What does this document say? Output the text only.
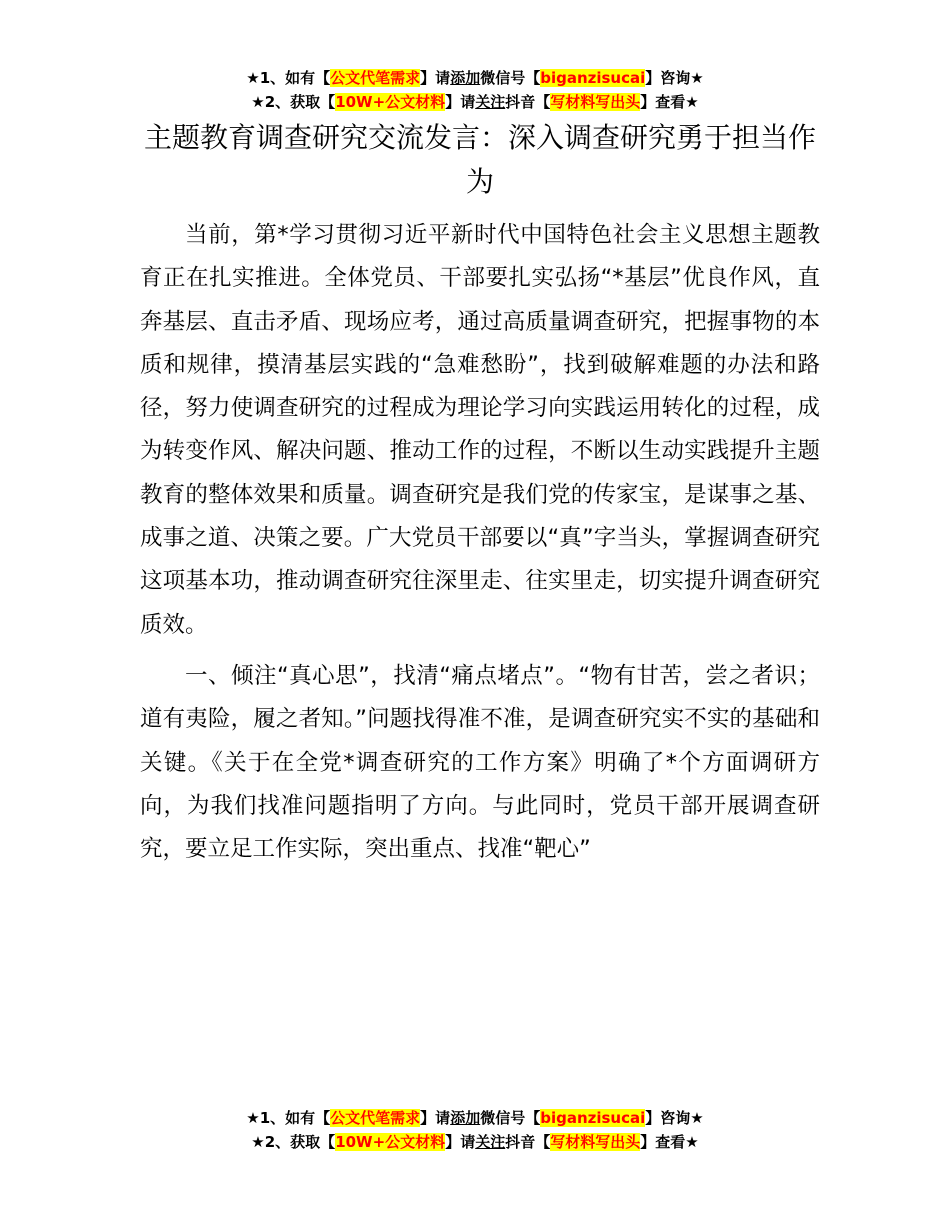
★1、如有【公文代笔需求】请添加微信号【biganzisucai】咨询★
★2、获取【10W+公文材料】请关注抖音【写材料写出头】查看★
主题教育调查研究交流发言：深入调查研究勇于担当作为

当前，第*学习贯彻习近平新时代中国特色社会主义思想主题教育正在扎实推进。全体党员、干部要扎实弘扬“*基层”优良作风，直奔基层、直击矛盾、现场应考，通过高质量调查研究，把握事物的本质和规律，摸清基层实践的“急难愁盼”，找到破解难题的办法和路径，努力使调查研究的过程成为理论学习向实践运用转化的过程，成为转变作风、解决问题、推动工作的过程，不断以生动实践提升主题教育的整体效果和质量。调查研究是我们党的传家宝，是谋事之基、成事之道、决策之要。广大党员干部要以“真”字当头，掌握调查研究这项基本功，推动调查研究往深里走、往实里走，切实提升调查研究质效。

一、倾注“真心思”，找清“痛点堵点”。“物有甘苦，尝之者识；道有夷险，履之者知。”问题找得准不准，是调查研究实不实的基础和关键。《关于在全党*调查研究的工作方案》明确了*个方面调研方向，为我们找准问题指明了方向。与此同时，党员干部开展调查研究，要立足工作实际，突出重点、找准“靶心”

★1、如有【公文代笔需求】请添加微信号【biganzisucai】咨询★
★2、获取【10W+公文材料】请关注抖音【写材料写出头】查看★
